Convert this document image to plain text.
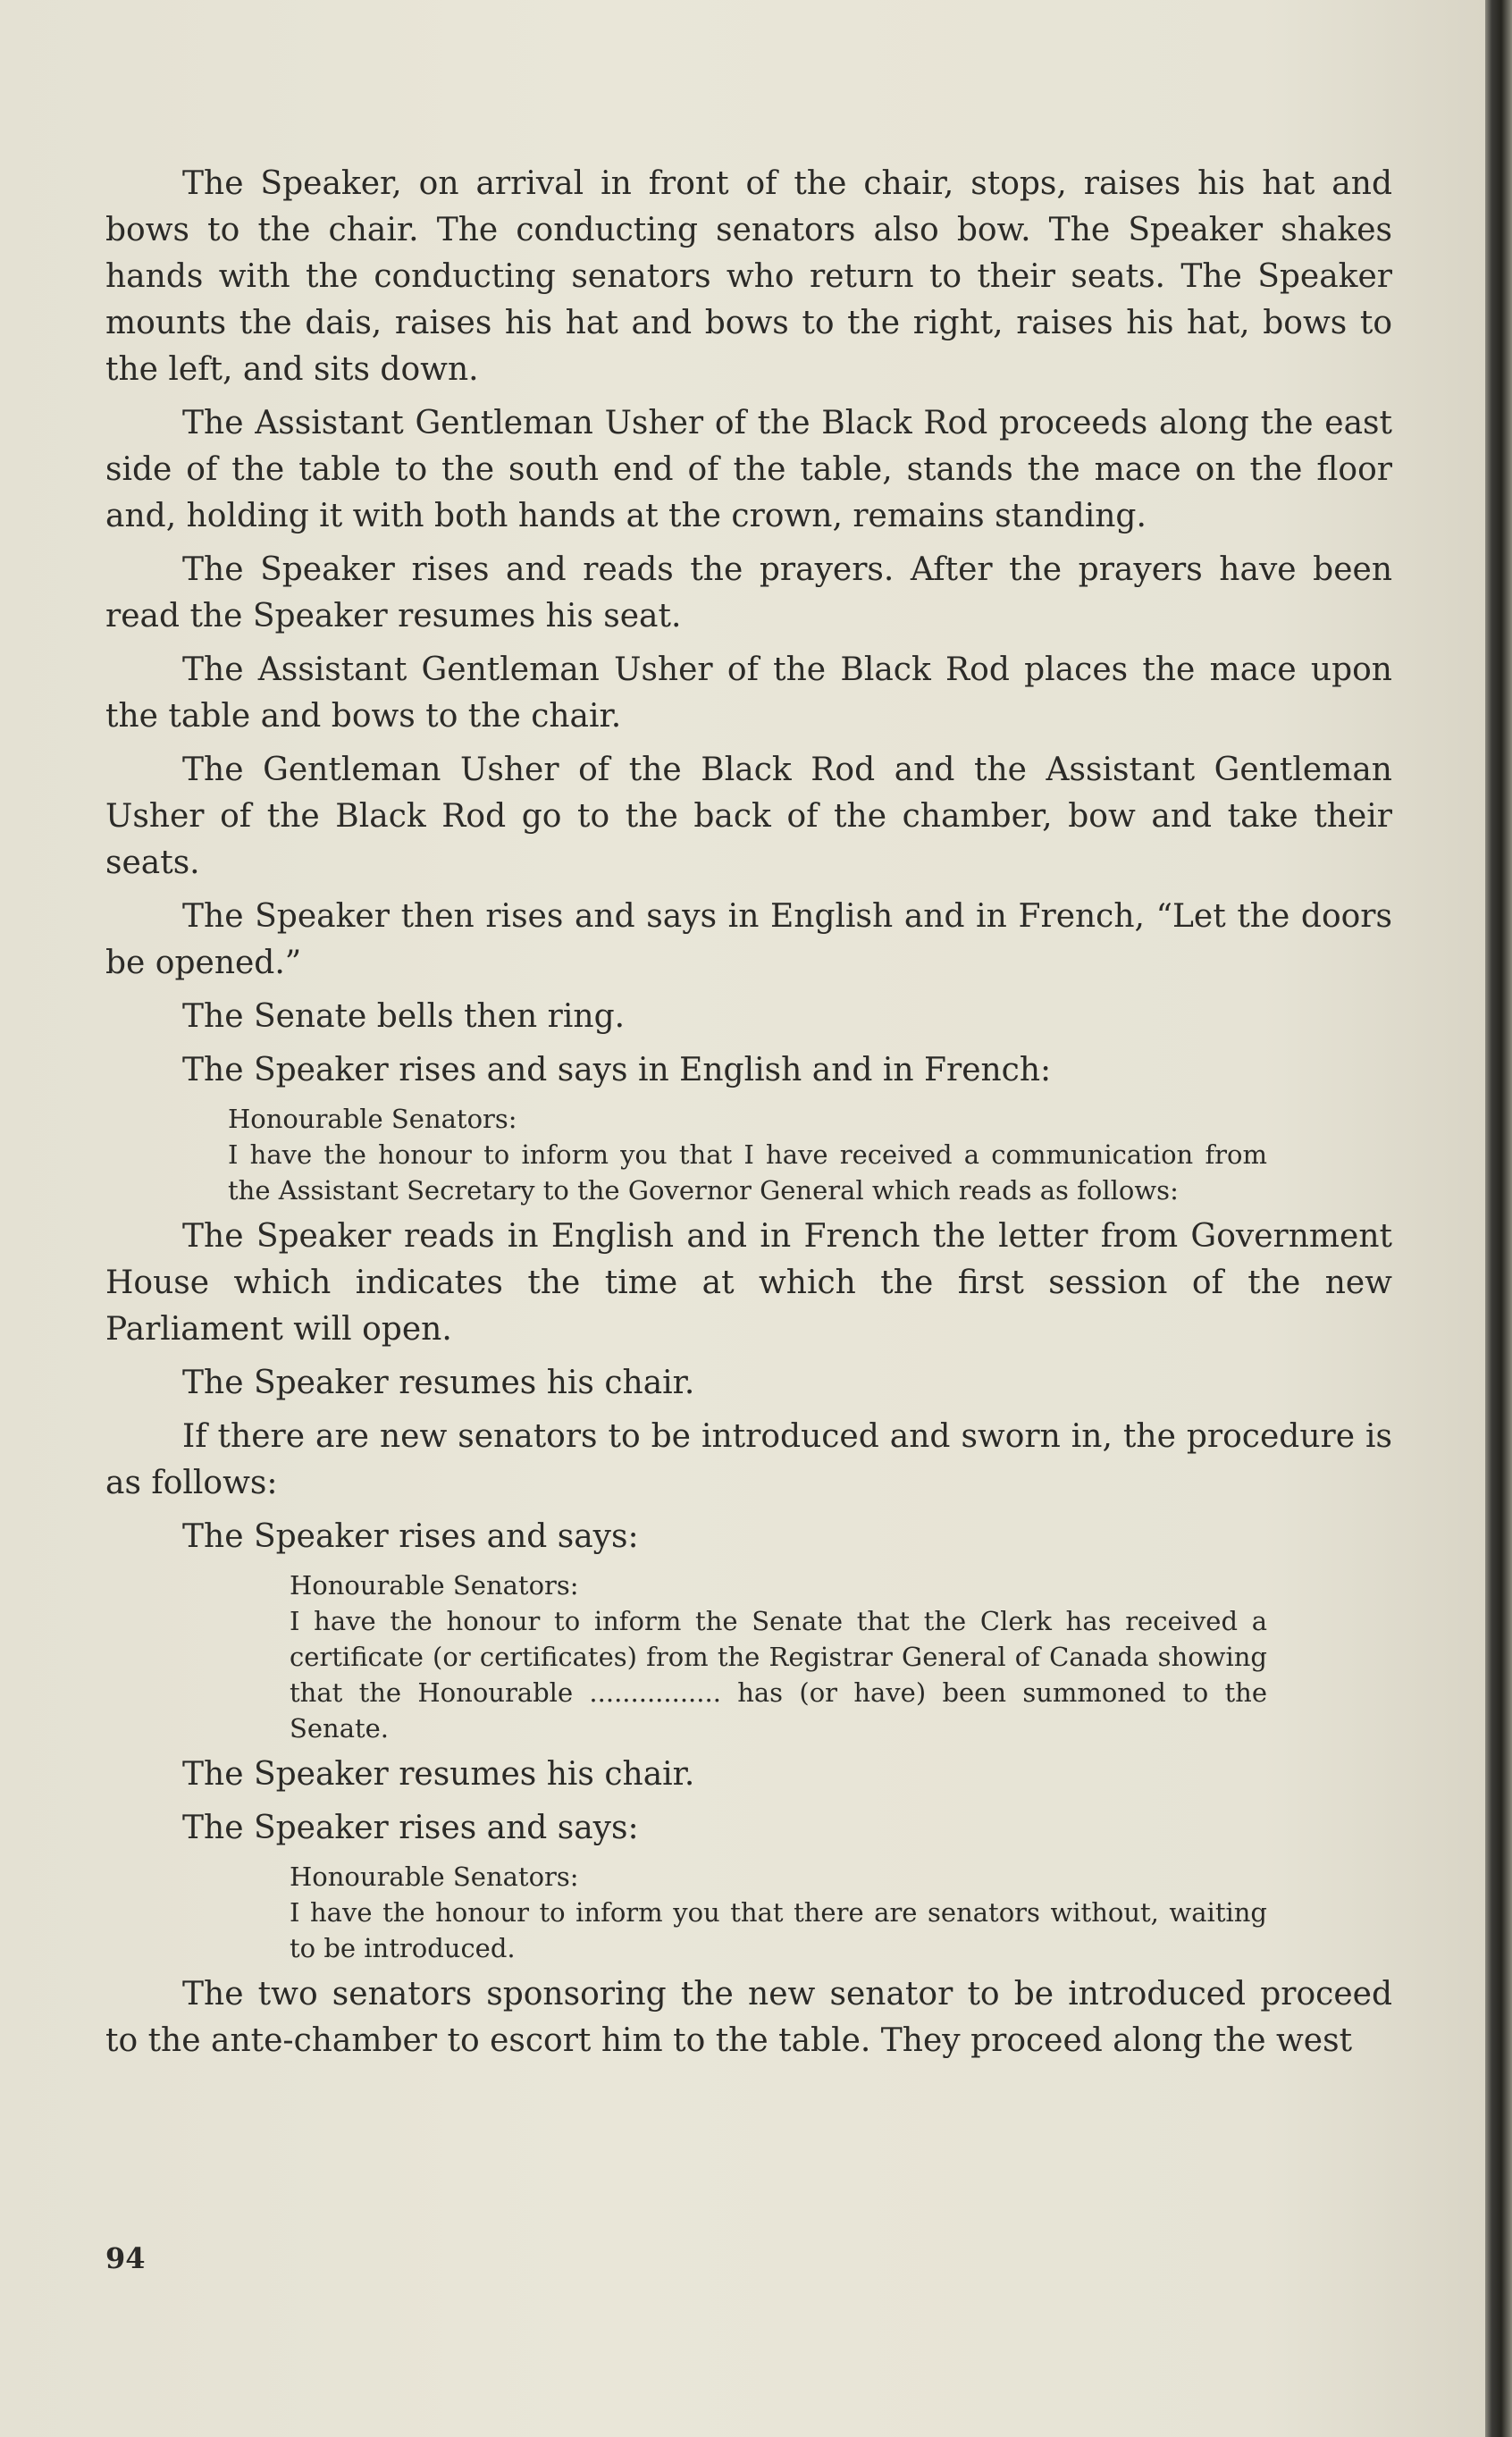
The Speaker, on arrival in front of the chair, stops, raises his hat and bows to the chair. The conducting senators also bow. The Speaker shakes hands with the conducting senators who return to their seats. The Speaker mounts the dais, raises his hat and bows to the right, raises his hat, bows to the left, and sits down.

The Assistant Gentleman Usher of the Black Rod proceeds along the east side of the table to the south end of the table, stands the mace on the floor and, holding it with both hands at the crown, remains standing.

The Speaker rises and reads the prayers. After the prayers have been read the Speaker resumes his seat.

The Assistant Gentleman Usher of the Black Rod places the mace upon the table and bows to the chair.

The Gentleman Usher of the Black Rod and the Assistant Gentleman Usher of the Black Rod go to the back of the chamber, bow and take their seats.

The Speaker then rises and says in English and in French, “Let the doors be opened.”

The Senate bells then ring.

The Speaker rises and says in English and in French:

Honourable Senators:
I have the honour to inform you that I have received a communication from the Assistant Secretary to the Governor General which reads as follows:

The Speaker reads in English and in French the letter from Government House which indicates the time at which the first session of the new Parliament will open.

The Speaker resumes his chair.

If there are new senators to be introduced and sworn in, the procedure is as follows:

The Speaker rises and says:

Honourable Senators:
I have the honour to inform the Senate that the Clerk has received a certificate (or certificates) from the Registrar General of Canada showing that the Honourable ................ has (or have) been summoned to the Senate.

The Speaker resumes his chair.

The Speaker rises and says:

Honourable Senators:
I have the honour to inform you that there are senators without, waiting to be introduced.

The two senators sponsoring the new senator to be introduced proceed to the ante-chamber to escort him to the table. They proceed along the west

94
